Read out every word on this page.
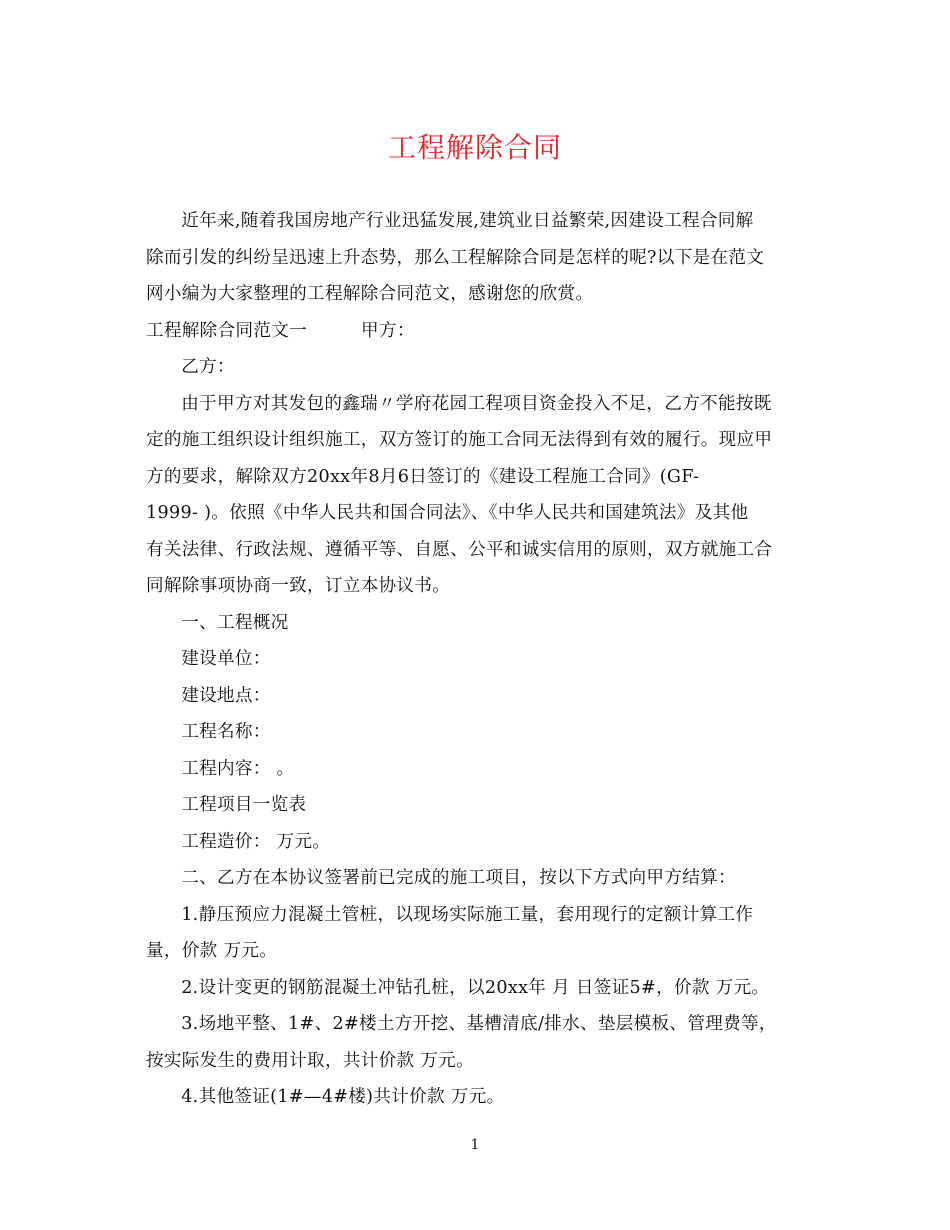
工程解除合同

近年来,随着我国房地产行业迅猛发展,建筑业日益繁荣,因建设工程合同解

除而引发的纠纷呈迅速上升态势，那么工程解除合同是怎样的呢?以下是在范文

网小编为大家整理的工程解除合同范文，感谢您的欣赏。

工程解除合同范文一	甲方：

乙方：

由于甲方对其发包的鑫瑞〃学府花园工程项目资金投入不足，乙方不能按既

定的施工组织设计组织施工，双方签订的施工合同无法得到有效的履行。现应甲

方的要求，解除双方20xx年8月6日签订的《建设工程施工合同》(GF-

1999- )。依照《中华人民共和国合同法》、《中华人民共和国建筑法》及其他

有关法律、行政法规、遵循平等、自愿、公平和诚实信用的原则，双方就施工合

同解除事项协商一致，订立本协议书。

一、工程概况

建设单位：

建设地点：

工程名称：

工程内容： 。

工程项目一览表

工程造价： 万元。

二、乙方在本协议签署前已完成的施工项目，按以下方式向甲方结算：

1.静压预应力混凝土管桩，以现场实际施工量，套用现行的定额计算工作

量，价款 万元。

2.设计变更的钢筋混凝土冲钻孔桩，以20xx年 月 日签证5#，价款 万元。

3.场地平整、1#、2#楼土方开挖、基槽清底/排水、垫层模板、管理费等，

按实际发生的费用计取，共计价款 万元。

4.其他签证(1#—4#楼)共计价款 万元。

1
